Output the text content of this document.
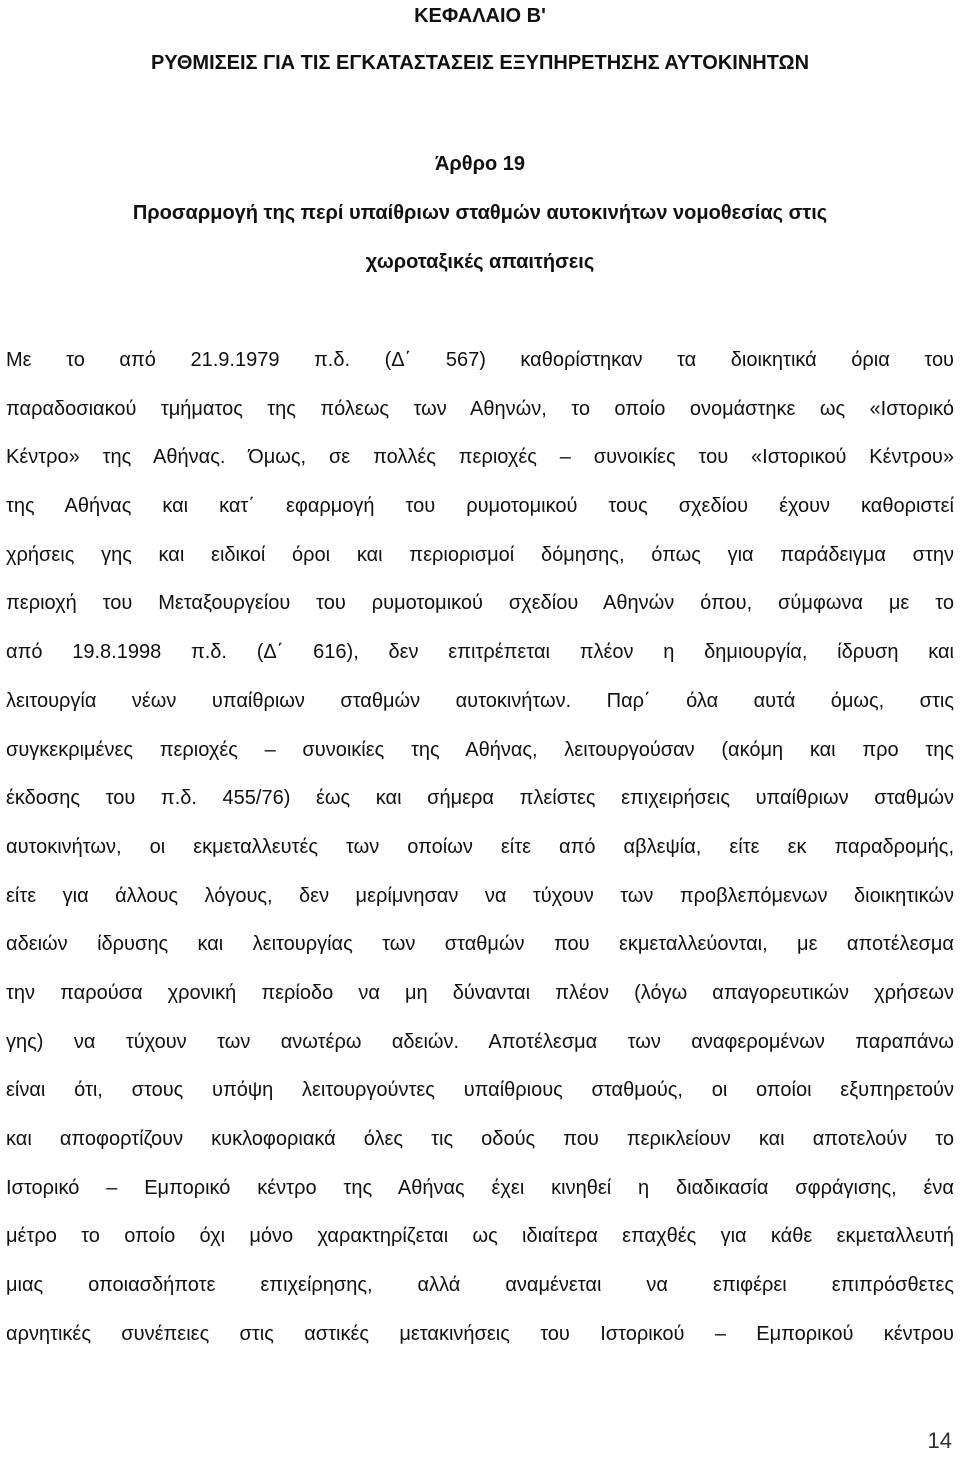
ΚΕΦΑΛΑΙΟ Β'
ΡΥΘΜΙΣΕΙΣ ΓΙΑ ΤΙΣ ΕΓΚΑΤΑΣΤΑΣΕΙΣ ΕΞΥΠΗΡΕΤΗΣΗΣ ΑΥΤΟΚΙΝΗΤΩΝ
Άρθρο 19
Προσαρμογή της περί υπαίθριων σταθμών αυτοκινήτων νομοθεσίας στις
χωροταξικές απαιτήσεις
Με το από 21.9.1979 π.δ. (Δ΄ 567) καθορίστηκαν τα διοικητικά όρια του
παραδοσιακού τμήματος της πόλεως των Αθηνών, το οποίο ονομάστηκε ως «Ιστορικό
Κέντρο» της Αθήνας. Όμως, σε πολλές περιοχές – συνοικίες του «Ιστορικού Κέντρου»
της Αθήνας και κατ΄ εφαρμογή του ρυμοτομικού τους σχεδίου έχουν καθοριστεί
χρήσεις γης και ειδικοί όροι και περιορισμοί δόμησης, όπως για παράδειγμα στην
περιοχή του Μεταξουργείου του ρυμοτομικού σχεδίου Αθηνών όπου, σύμφωνα με το
από 19.8.1998 π.δ. (Δ΄ 616), δεν επιτρέπεται πλέον η δημιουργία, ίδρυση και
λειτουργία νέων υπαίθριων σταθμών αυτοκινήτων. Παρ΄ όλα αυτά όμως, στις
συγκεκριμένες περιοχές – συνοικίες της Αθήνας, λειτουργούσαν (ακόμη και προ της
έκδοσης του π.δ. 455/76) έως και σήμερα πλείστες επιχειρήσεις υπαίθριων σταθμών
αυτοκινήτων, οι εκμεταλλευτές των οποίων είτε από αβλεψία, είτε εκ παραδρομής,
είτε για άλλους λόγους, δεν μερίμνησαν να τύχουν των προβλεπόμενων διοικητικών
αδειών ίδρυσης και λειτουργίας των σταθμών που εκμεταλλεύονται, με αποτέλεσμα
την παρούσα χρονική περίοδο να μη δύνανται πλέον (λόγω απαγορευτικών χρήσεων
γης) να τύχουν των ανωτέρω αδειών. Αποτέλεσμα των αναφερομένων παραπάνω
είναι ότι, στους υπόψη λειτουργούντες υπαίθριους σταθμούς, οι οποίοι εξυπηρετούν
και αποφορτίζουν κυκλοφοριακά όλες τις οδούς που περικλείουν και αποτελούν το
Ιστορικό – Εμπορικό κέντρο της Αθήνας έχει κινηθεί η διαδικασία σφράγισης, ένα
μέτρο το οποίο όχι μόνο χαρακτηρίζεται ως ιδιαίτερα επαχθές για κάθε εκμεταλλευτή
μιας οποιασδήποτε επιχείρησης, αλλά αναμένεται να επιφέρει επιπρόσθετες
αρνητικές συνέπειες στις αστικές μετακινήσεις του Ιστορικού – Εμπορικού κέντρου
14
